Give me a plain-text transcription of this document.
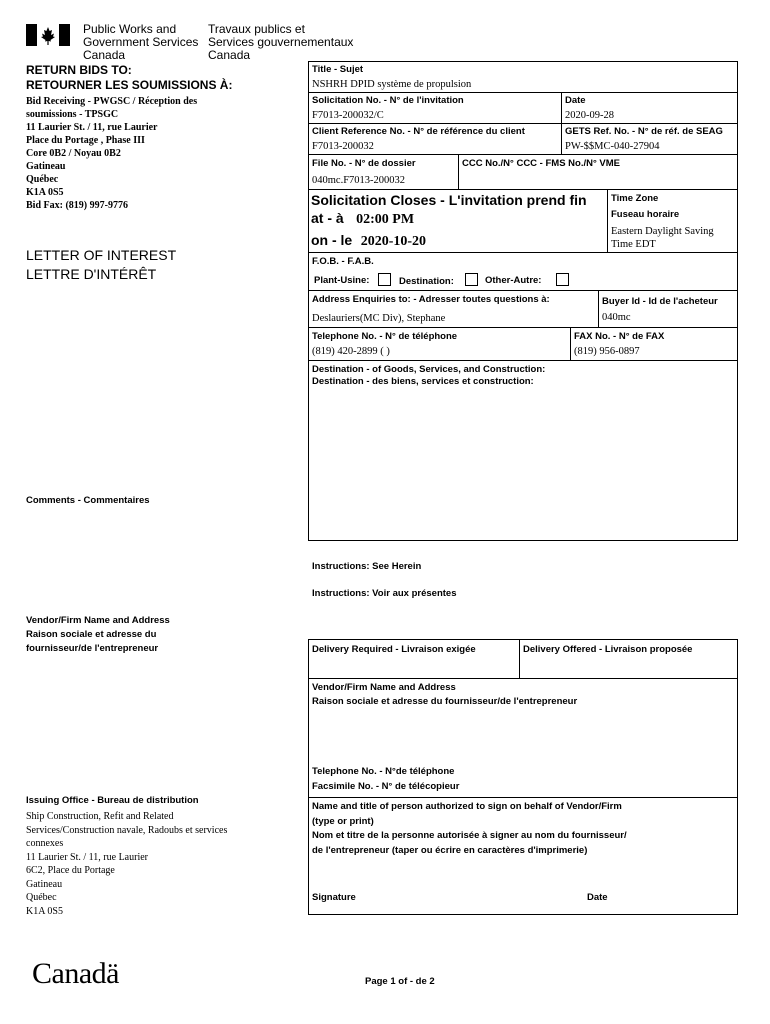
Public Works and
Government Services
Canada
Travaux publics et
Services gouvernementaux
Canada
RETURN BIDS TO:
RETOURNER LES SOUMISSIONS À:
Bid Receiving - PWGSC / Réception des
soumissions - TPSGC
11 Laurier St. / 11, rue Laurier
Place du Portage , Phase III
Core 0B2 / Noyau 0B2
Gatineau
Québec
K1A 0S5
Bid Fax: (819) 997-9776
LETTER OF INTEREST
LETTRE D'INTÉRÊT
Comments - Commentaires
Vendor/Firm Name and Address
Raison sociale et adresse du
fournisseur/de l'entrepreneur
Issuing Office - Bureau de distribution
Ship Construction, Refit and Related
Services/Construction navale, Radoubs et services
connexes
11 Laurier St. / 11, rue Laurier
6C2, Place du Portage
Gatineau
Québec
K1A 0S5
Title - Sujet
NSHRH DPID système de propulsion
Solicitation No. - N° de l'invitation
F7013-200032/C
Date
2020-09-28
Client Reference No. - N° de référence du client
F7013-200032
GETS Ref. No. - N° de réf. de SEAG
PW-$$MC-040-27904
File No. - N° de dossier
040mc.F7013-200032
CCC No./N° CCC - FMS No./N° VME
Solicitation Closes - L'invitation prend fin
at - à 02:00 PM
on - le 2020-10-20
Time Zone
Fuseau horaire
Eastern Daylight Saving
Time EDT
F.O.B. - F.A.B.
Plant-Usine:	Destination:	Other-Autre:
Address Enquiries to: - Adresser toutes questions à:
Deslauriers(MC Div), Stephane
Buyer Id - Id de l'acheteur
040mc
Telephone No. - N° de téléphone
(819) 420-2899 ( )
FAX No. - N° de FAX
(819) 956-0897
Destination - of Goods, Services, and Construction:
Destination - des biens, services et construction:
Instructions: See Herein
Instructions: Voir aux présentes
Delivery Required - Livraison exigée	Delivery Offered - Livraison proposée
Vendor/Firm Name and Address
Raison sociale et adresse du fournisseur/de l'entrepreneur
Telephone No. - N°de téléphone
Facsimile No. - N° de télécopieur
Name and title of person authorized to sign on behalf of Vendor/Firm
(type or print)
Nom et titre de la personne autorisée à signer au nom du fournisseur/
de l'entrepreneur (taper ou écrire en caractères d'imprimerie)
Signature	Date
Canadä	Page 1 of - de 2
